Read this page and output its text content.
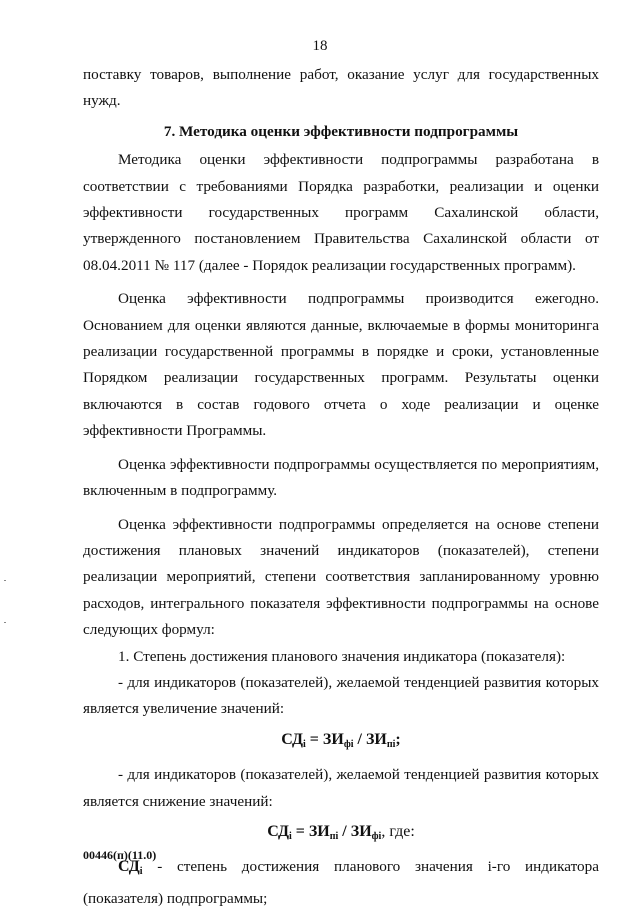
18

поставку товаров, выполнение работ, оказание услуг для государственных нужд.

7. Методика оценки эффективности подпрограммы

Методика оценки эффективности подпрограммы разработана в соответствии с требованиями Порядка разработки, реализации и оценки эффективности государственных программ Сахалинской области, утвержденного постановлением Правительства Сахалинской области от 08.04.2011 № 117 (далее - Порядок реализации государственных программ).

Оценка эффективности подпрограммы производится ежегодно. Основанием для оценки являются данные, включаемые в формы мониторинга реализации государственной программы в порядке и сроки, установленные Порядком реализации государственных программ. Результаты оценки включаются в состав годового отчета о ходе реализации и оценке эффективности Программы.

Оценка эффективности подпрограммы осуществляется по мероприятиям, включенным в подпрограмму.

Оценка эффективности подпрограммы определяется на основе степени достижения плановых значений индикаторов (показателей), степени реализации мероприятий, степени соответствия запланированному уровню расходов, интегрального показателя эффективности подпрограммы на основе следующих формул:

1. Степень достижения планового значения индикатора (показателя):

- для индикаторов (показателей), желаемой тенденцией развития которых является увеличение значений:

$СД_i = ЗИ_{фi} / ЗИ_{пi}$;

- для индикаторов (показателей), желаемой тенденцией развития которых является снижение значений:

$СД_i = ЗИ_{пi} / ЗИ_{фi}$, где:

СДi - степень достижения планового значения i-го индикатора (показателя) подпрограммы;

00446(п)(11.0)
